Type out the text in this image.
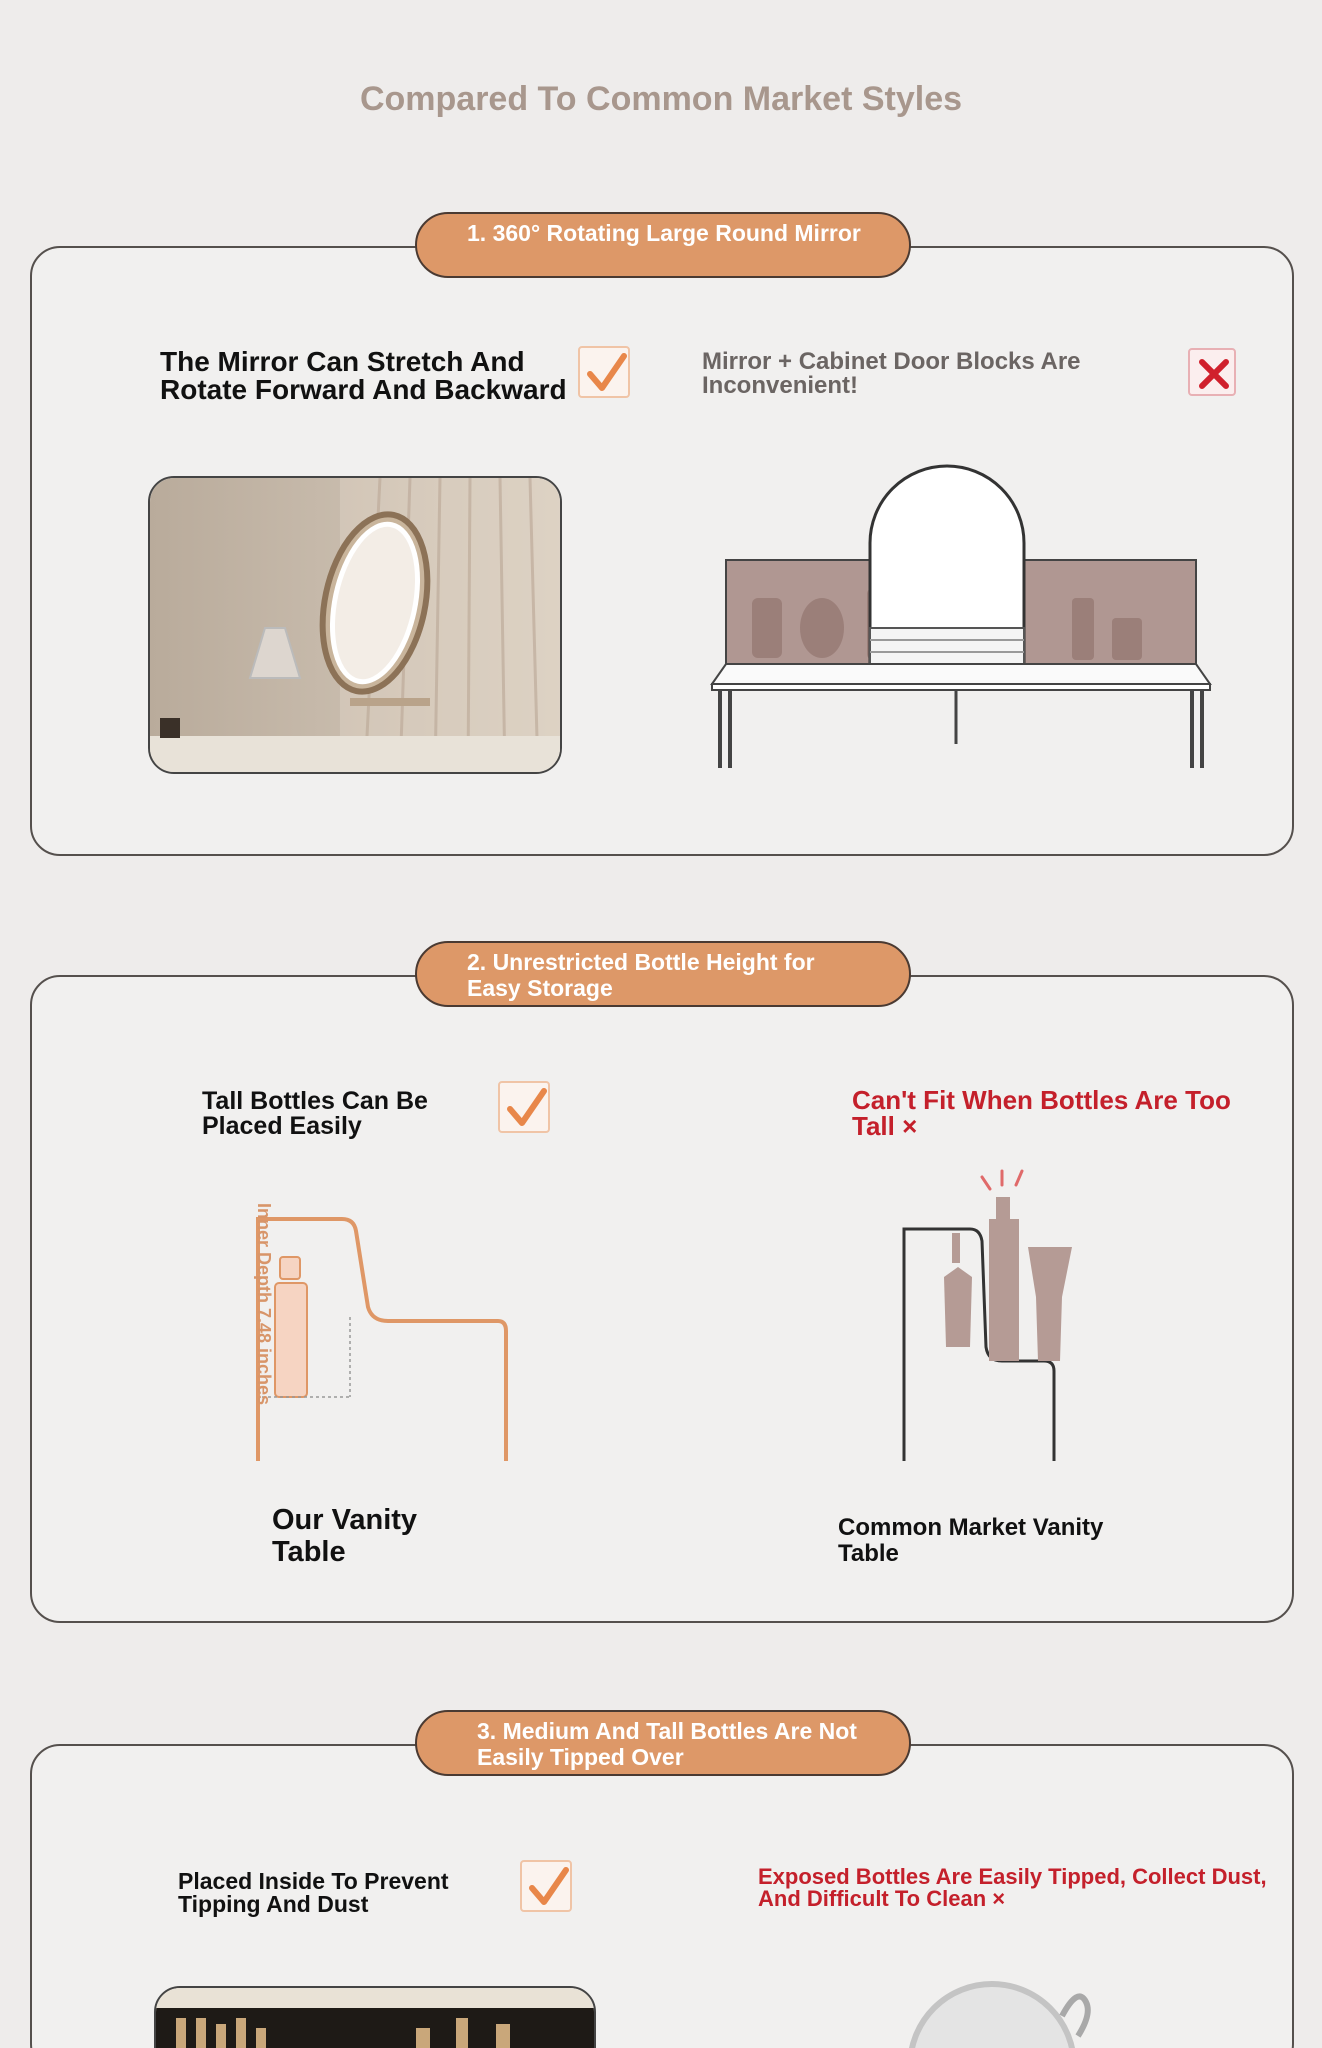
Compared To Common Market Styles
The Mirror Can Stretch And Rotate Forward And Backward
Mirror + Cabinet Door Blocks Are Inconvenient!
1. 360° Rotating Large Round Mirror
Tall Bottles Can Be Placed Easily
Can't Fit When Bottles Are Too Tall ×
Inner Depth 7.48 inches
Our Vanity Table
Common Market Vanity Table
2. Unrestricted Bottle Height for Easy Storage
Placed Inside To Prevent Tipping And Dust
Exposed Bottles Are Easily Tipped, Collect Dust, And Difficult To Clean ×
3. Medium And Tall Bottles Are Not Easily Tipped Over
